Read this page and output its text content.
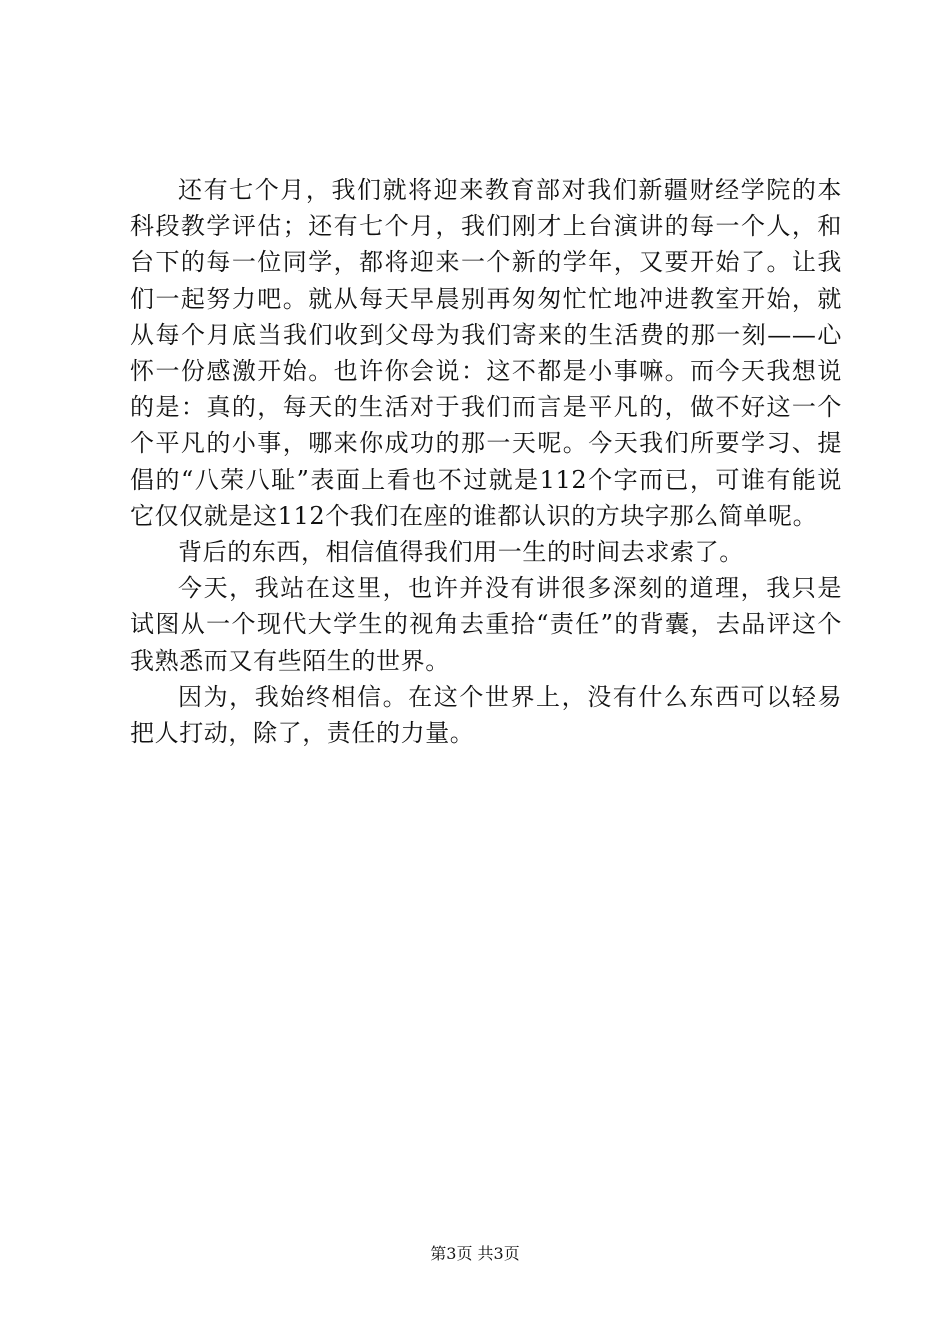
还有七个月，我们就将迎来教育部对我们新疆财经学院的本科段教学评估；还有七个月，我们刚才上台演讲的每一个人，和台下的每一位同学，都将迎来一个新的学年，又要开始了。让我们一起努力吧。就从每天早晨别再匆匆忙忙地冲进教室开始，就从每个月底当我们收到父母为我们寄来的生活费的那一刻——心怀一份感激开始。也许你会说：这不都是小事嘛。而今天我想说的是：真的，每天的生活对于我们而言是平凡的，做不好这一个个平凡的小事，哪来你成功的那一天呢。今天我们所要学习、提倡的“八荣八耻”表面上看也不过就是112个字而已，可谁有能说它仅仅就是这112个我们在座的谁都认识的方块字那么简单呢。

背后的东西，相信值得我们用一生的时间去求索了。

今天，我站在这里，也许并没有讲很多深刻的道理，我只是试图从一个现代大学生的视角去重拾“责任”的背囊，去品评这个我熟悉而又有些陌生的世界。

因为，我始终相信。在这个世界上，没有什么东西可以轻易把人打动，除了，责任的力量。

第3页 共3页
